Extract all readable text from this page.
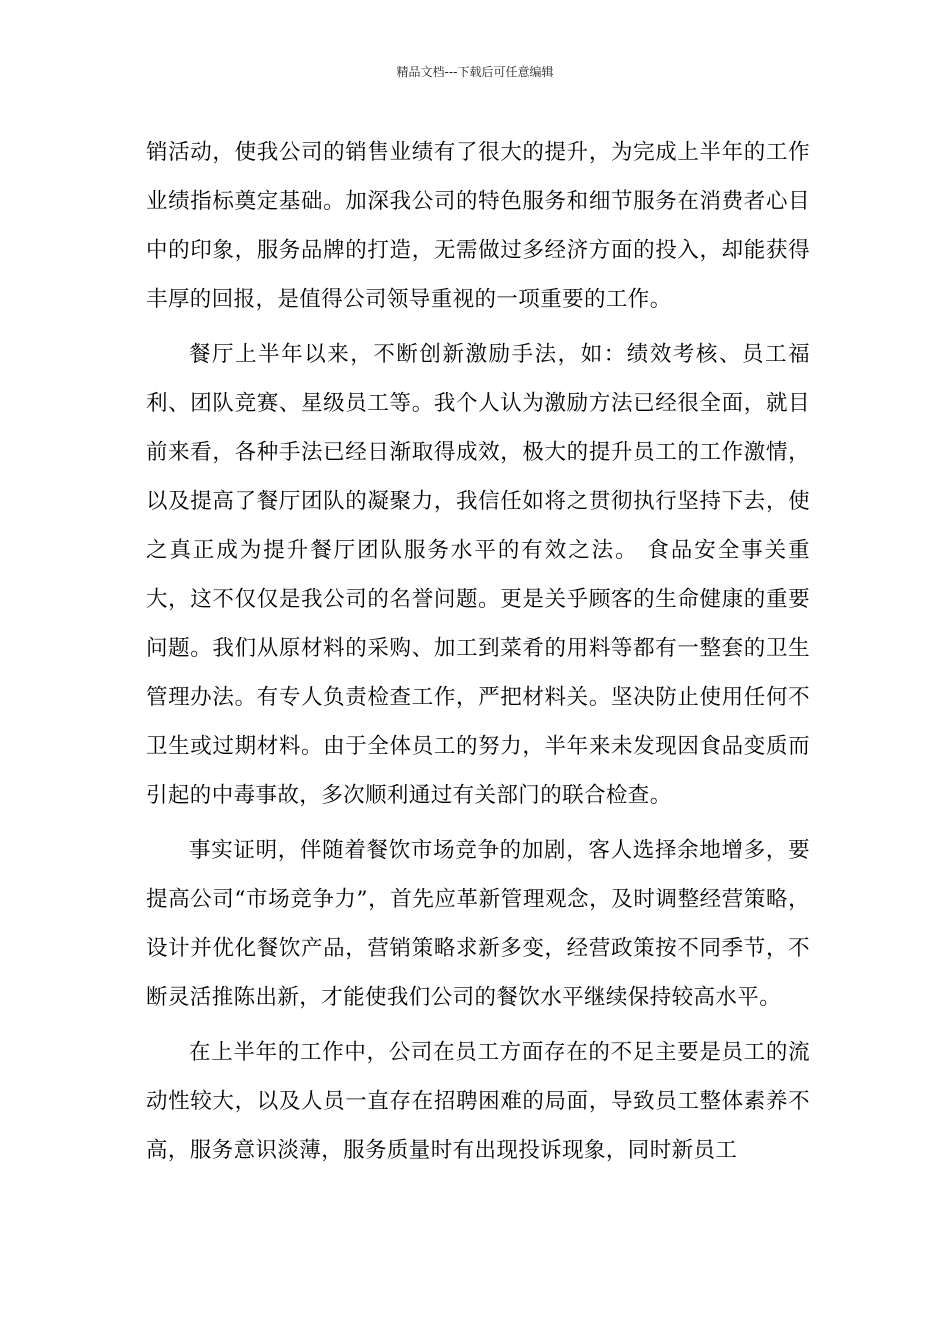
精品文档---下载后可任意编辑

销活动，使我公司的销售业绩有了很大的提升，为完成上半年的工作业绩指标奠定基础。加深我公司的特色服务和细节服务在消费者心目中的印象，服务品牌的打造，无需做过多经济方面的投入，却能获得丰厚的回报，是值得公司领导重视的一项重要的工作。

餐厅上半年以来，不断创新激励手法，如：绩效考核、员工福利、团队竞赛、星级员工等。我个人认为激励方法已经很全面，就目前来看，各种手法已经日渐取得成效，极大的提升员工的工作激情，以及提高了餐厅团队的凝聚力，我信任如将之贯彻执行坚持下去，使之真正成为提升餐厅团队服务水平的有效之法。 食品安全事关重大，这不仅仅是我公司的名誉问题。更是关乎顾客的生命健康的重要问题。我们从原材料的采购、加工到菜肴的用料等都有一整套的卫生管理办法。有专人负责检查工作，严把材料关。坚决防止使用任何不卫生或过期材料。由于全体员工的努力，半年来未发现因食品变质而引起的中毒事故，多次顺利通过有关部门的联合检查。

事实证明，伴随着餐饮市场竞争的加剧，客人选择余地增多，要提高公司“市场竞争力”，首先应革新管理观念，及时调整经营策略，设计并优化餐饮产品，营销策略求新多变，经营政策按不同季节，不断灵活推陈出新，才能使我们公司的餐饮水平继续保持较高水平。

在上半年的工作中，公司在员工方面存在的不足主要是员工的流动性较大，以及人员一直存在招聘困难的局面，导致员工整体素养不高，服务意识淡薄，服务质量时有出现投诉现象，同时新员工
